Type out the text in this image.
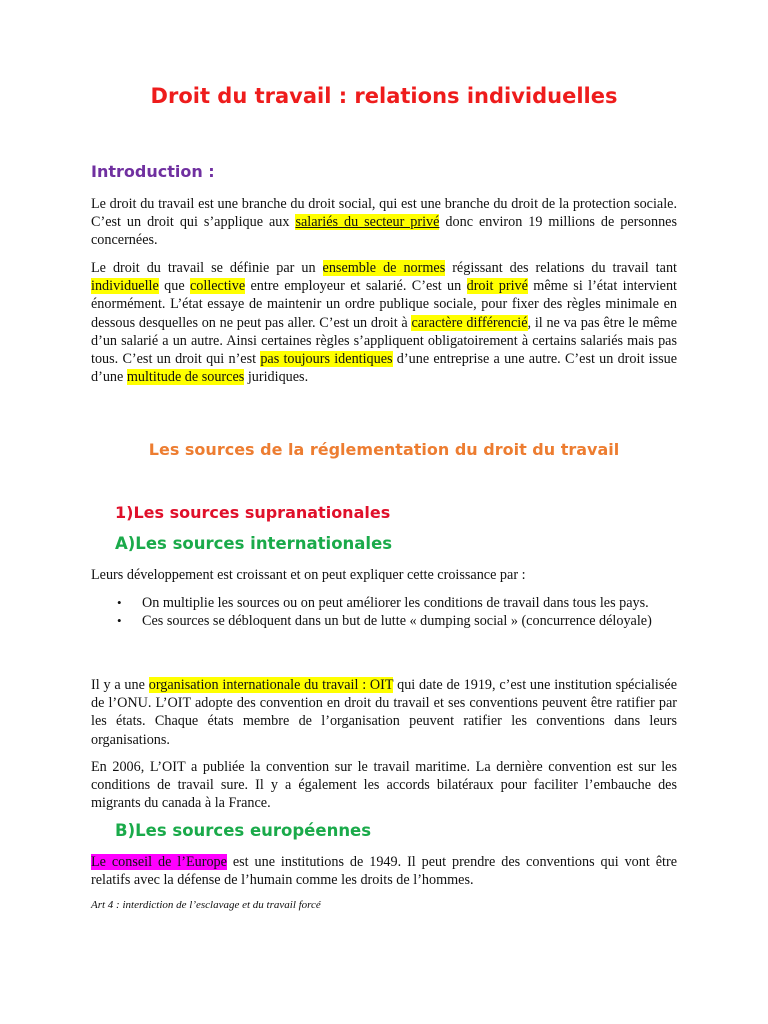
Droit du travail : relations individuelles
Introduction :

Le droit du travail est une branche du droit social, qui est une branche du droit de la protection sociale. C’est un droit qui s’applique aux salariés du secteur privé donc environ 19 millions de personnes concernées.

Le droit du travail se définie par un ensemble de normes régissant des relations du travail tant individuelle que collective entre employeur et salarié. C’est un droit privé même si l’état intervient énormément. L’état essaye de maintenir un ordre publique sociale, pour fixer des règles minimale en dessous desquelles on ne peut pas aller. C’est un droit à caractère différencié, il ne va pas être le même d’un salarié a un autre. Ainsi certaines règles s’appliquent obligatoirement à certains salariés mais pas tous. C’est un droit qui n’est pas toujours identiques d’une entreprise a une autre. C’est un droit issue d’une multitude de sources juridiques.

Les sources de la réglementation du droit du travail
1)Les sources supranationales
A)Les sources internationales

Leurs développement est croissant et on peut expliquer cette croissance par :

• On multiplie les sources ou on peut améliorer les conditions de travail dans tous les pays.
• Ces sources se débloquent dans un but de lutte « dumping social » (concurrence déloyale)

Il y a une organisation internationale du travail : OIT qui date de 1919, c’est une institution spécialisée de l’ONU. L’OIT adopte des convention en droit du travail et ses conventions peuvent être ratifier par les états. Chaque états membre de l’organisation peuvent ratifier les conventions dans leurs organisations.

En 2006, L’OIT a publiée la convention sur le travail maritime. La dernière convention est sur les conditions de travail sure. Il y a également les accords bilatéraux pour faciliter l’embauche des migrants du canada à la France.

B)Les sources européennes

Le conseil de l’Europe est une institutions de 1949. Il peut prendre des conventions qui vont être relatifs avec la défense de l’humain comme les droits de l’hommes.

Art 4 : interdiction de l’esclavage et du travail forcé
